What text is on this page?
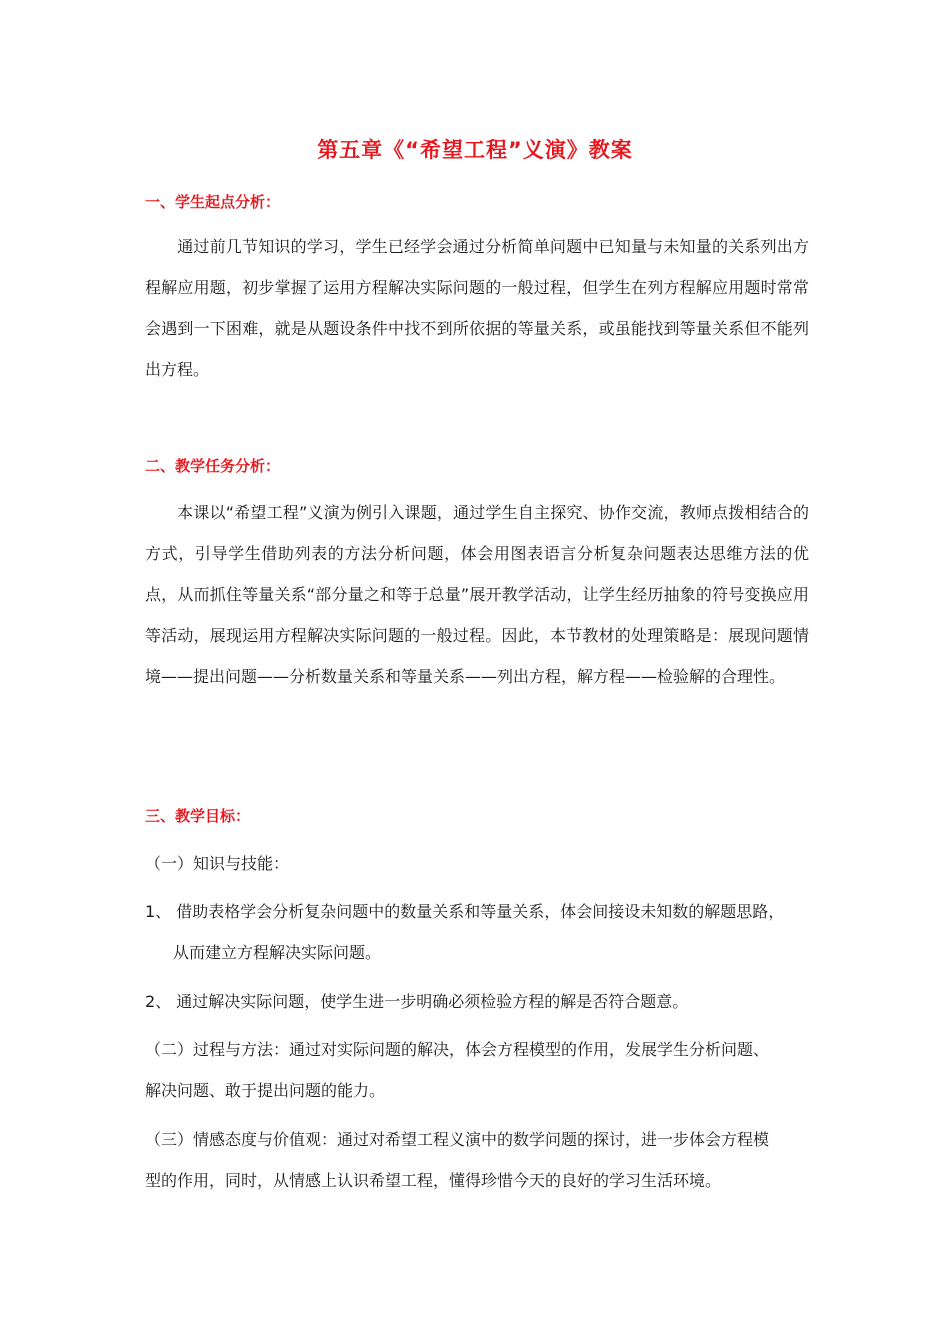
第五章《“希望工程”义演》教案
一、学生起点分析：
通过前几节知识的学习，学生已经学会通过分析简单问题中已知量与未知量的关系列出方程解应用题，初步掌握了运用方程解决实际问题的一般过程，但学生在列方程解应用题时常常会遇到一下困难，就是从题设条件中找不到所依据的等量关系，或虽能找到等量关系但不能列出方程。
二、教学任务分析：
本课以“希望工程”义演为例引入课题，通过学生自主探究、协作交流，教师点拨相结合的方式，引导学生借助列表的方法分析问题，体会用图表语言分析复杂问题表达思维方法的优点，从而抓住等量关系“部分量之和等于总量”展开教学活动，让学生经历抽象的符号变换应用等活动，展现运用方程解决实际问题的一般过程。因此，本节教材的处理策略是：展现问题情境——提出问题——分析数量关系和等量关系——列出方程，解方程——检验解的合理性。
三、教学目标：
（一）知识与技能：
1、 借助表格学会分析复杂问题中的数量关系和等量关系，体会间接设未知数的解题思路，
从而建立方程解决实际问题。
2、 通过解决实际问题，使学生进一步明确必须检验方程的解是否符合题意。
（二）过程与方法：通过对实际问题的解决，体会方程模型的作用，发展学生分析问题、
解决问题、敢于提出问题的能力。
（三）情感态度与价值观：通过对希望工程义演中的数学问题的探讨，进一步体会方程模
型的作用，同时，从情感上认识希望工程，懂得珍惜今天的良好的学习生活环境。
